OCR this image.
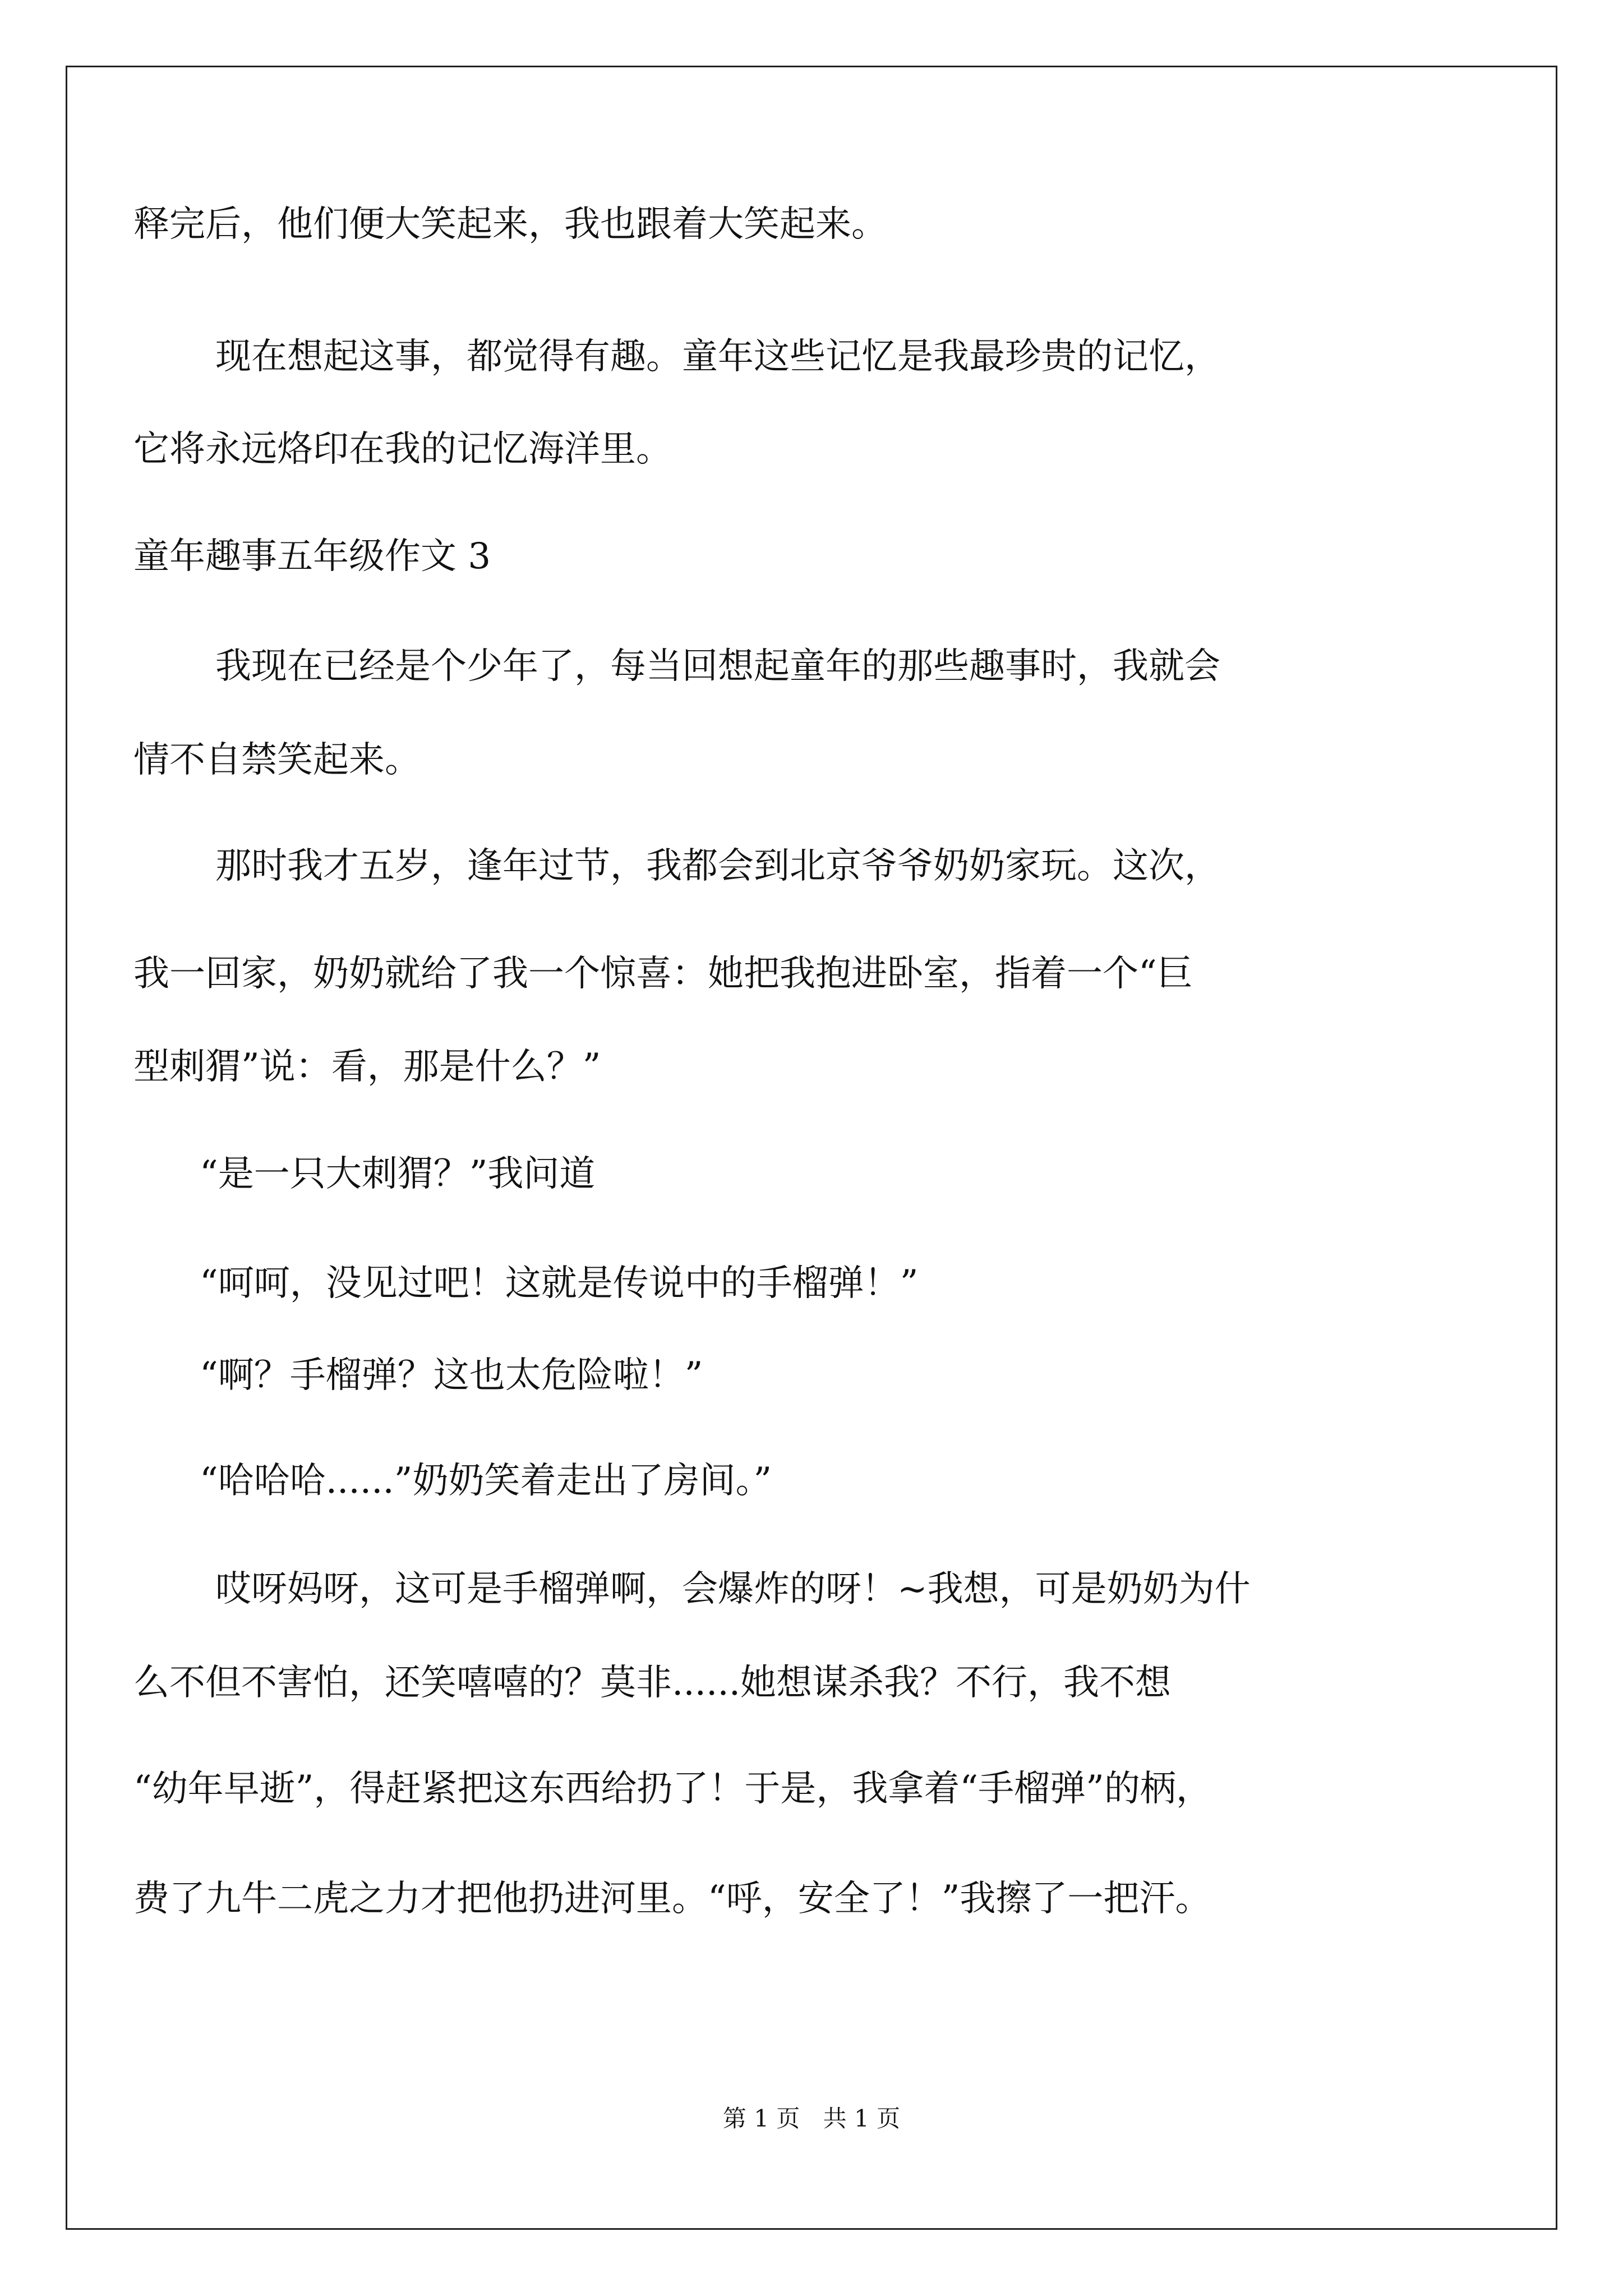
释完后，他们便大笑起来，我也跟着大笑起来。
现在想起这事，都觉得有趣。童年这些记忆是我最珍贵的记忆，
它将永远烙印在我的记忆海洋里。
童年趣事五年级作文 3
我现在已经是个少年了，每当回想起童年的那些趣事时，我就会
情不自禁笑起来。
那时我才五岁，逢年过节，我都会到北京爷爷奶奶家玩。这次，
我一回家，奶奶就给了我一个惊喜：她把我抱进卧室，指着一个“巨
型刺猬”说：看，那是什么？”
“是一只大刺猬？”我问道
“呵呵，没见过吧！这就是传说中的手榴弹！”
“啊？手榴弹？这也太危险啦！”
“哈哈哈......”奶奶笑着走出了房间。”
哎呀妈呀，这可是手榴弹啊，会爆炸的呀！~我想，可是奶奶为什
么不但不害怕，还笑嘻嘻的？莫非......她想谋杀我？不行，我不想
“幼年早逝”，得赶紧把这东西给扔了！于是，我拿着“手榴弹”的柄，
费了九牛二虎之力才把他扔进河里。“呼，安全了！”我擦了一把汗。
第 1 页 共 1 页
